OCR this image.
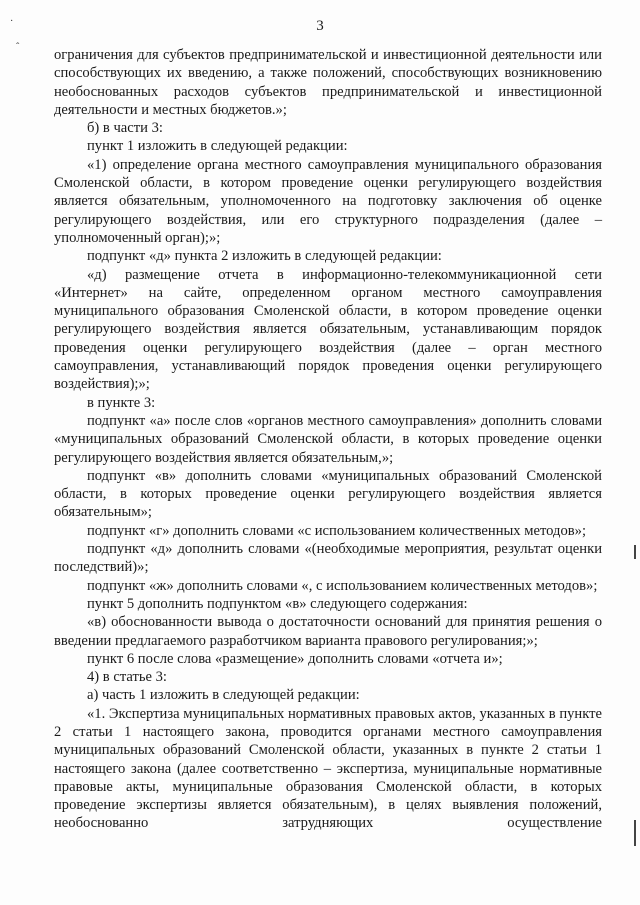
·
ˆ
3

ограничения для субъектов предпринимательской и инвестиционной деятельности или способствующих их введению, а также положений, способствующих возникновению необоснованных расходов субъектов предпринимательской и инвестиционной деятельности и местных бюджетов.»;

б) в части 3:

пункт 1 изложить в следующей редакции:

«1) определение органа местного самоуправления муниципального образования Смоленской области, в котором проведение оценки регулирующего воздействия является обязательным, уполномоченного на подготовку заключения об оценке регулирующего воздействия, или его структурного подразделения (далее – уполномоченный орган);»;

подпункт «д» пункта 2 изложить в следующей редакции:

«д) размещение отчета в информационно-телекоммуникационной сети «Интернет» на сайте, определенном органом местного самоуправления муниципального образования Смоленской области, в котором проведение оценки регулирующего воздействия является обязательным, устанавливающим порядок проведения оценки регулирующего воздействия (далее – орган местного самоуправления, устанавливающий порядок проведения оценки регулирующего воздействия);»;

в пункте 3:

подпункт «а» после слов «органов местного самоуправления» дополнить словами «муниципальных образований Смоленской области, в которых проведение оценки регулирующего воздействия является обязательным,»;

подпункт «в» дополнить словами «муниципальных образований Смоленской области, в которых проведение оценки регулирующего воздействия является обязательным»;

подпункт «г» дополнить словами «с использованием количественных методов»;

подпункт «д» дополнить словами «(необходимые мероприятия, результат оценки последствий)»;

подпункт «ж» дополнить словами «, с использованием количественных методов»;

пункт 5 дополнить подпунктом «в» следующего содержания:

«в) обоснованности вывода о достаточности оснований для принятия решения о введении предлагаемого разработчиком варианта правового регулирования;»;

пункт 6 после слова «размещение» дополнить словами «отчета и»;

4) в статье 3:

а) часть 1 изложить в следующей редакции:

«1. Экспертиза муниципальных нормативных правовых актов, указанных в пункте 2 статьи 1 настоящего закона, проводится органами местного самоуправления муниципальных образований Смоленской области, указанных в пункте 2 статьи 1 настоящего закона (далее соответственно – экспертиза, муниципальные нормативные правовые акты, муниципальные образования Смоленской области, в которых проведение экспертизы является обязательным), в целях выявления положений, необоснованно затрудняющих осуществление
